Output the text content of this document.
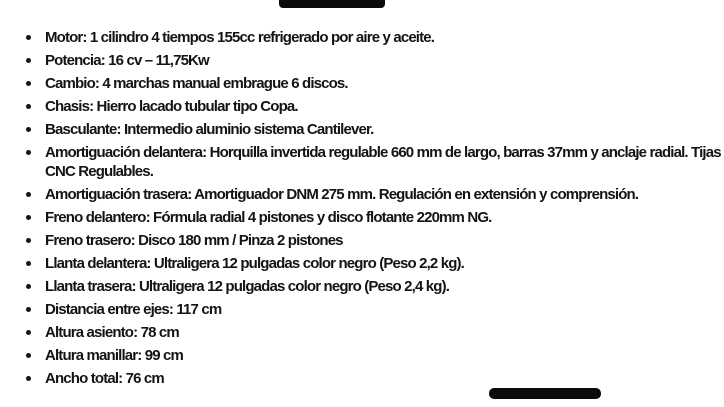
Motor: 1 cilindro 4 tiempos 155cc refrigerado por aire y aceite.
Potencia: 16 cv – 11,75Kw
Cambio: 4 marchas manual embrague 6 discos.
Chasis: Hierro lacado tubular tipo Copa.
Basculante: Intermedio aluminio sistema Cantilever.
Amortiguación delantera: Horquilla invertida regulable 660 mm de largo, barras 37mm y anclaje radial. Tijas
CNC Regulables.
Amortiguación trasera: Amortiguador DNM 275 mm. Regulación en extensión y comprensión.
Freno delantero: Fórmula radial 4 pistones y disco flotante 220mm NG.
Freno trasero: Disco 180 mm / Pinza 2 pistones
Llanta delantera: Ultraligera 12 pulgadas color negro (Peso 2,2 kg).
Llanta trasera: Ultraligera 12 pulgadas color negro (Peso 2,4 kg).
Distancia entre ejes: 117 cm
Altura asiento: 78 cm
Altura manillar: 99 cm
Ancho total: 76 cm
